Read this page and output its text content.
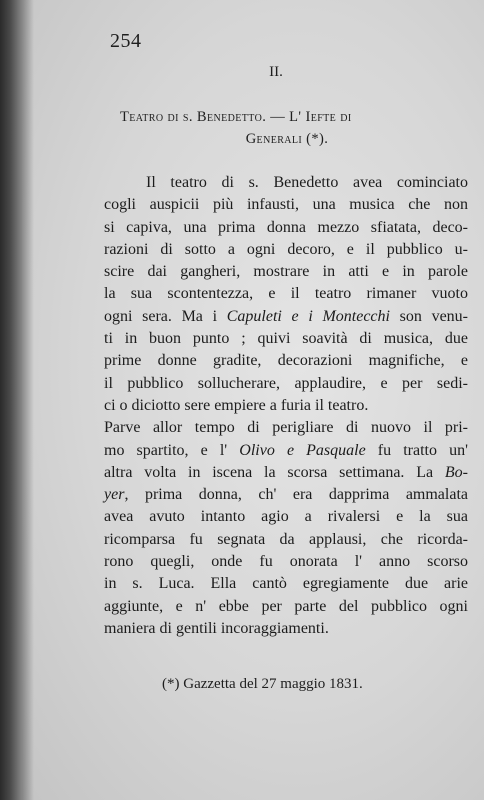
254
II.
Teatro di s. Benedetto. — L' Iefte di
Generali (*).
Il teatro di s. Benedetto avea cominciato
cogli auspicii più infausti, una musica che non
si capiva, una prima donna mezzo sfiatata, deco-
razioni di sotto a ogni decoro, e il pubblico u-
scire dai gangheri, mostrare in atti e in parole
la sua scontentezza, e il teatro rimaner vuoto
ogni sera. Ma i Capuleti e i Montecchi son venu-
ti in buon punto ; quivi soavità di musica, due
prime donne gradite, decorazioni magnifiche, e
il pubblico sollucherare, applaudire, e per sedi-
ci o diciotto sere empiere a furia il teatro.
Parve allor tempo di perigliare di nuovo il pri-
mo spartito, e l' Olivo e Pasquale fu tratto un'
altra volta in iscena la scorsa settimana. La Bo-
yer, prima donna, ch' era dapprima ammalata
avea avuto intanto agio a rivalersi e la sua
ricomparsa fu segnata da applausi, che ricorda-
rono quegli, onde fu onorata l' anno scorso
in s. Luca. Ella cantò egregiamente due arie
aggiunte, e n' ebbe per parte del pubblico ogni
maniera di gentili incoraggiamenti.
(*) Gazzetta del 27 maggio 1831.
